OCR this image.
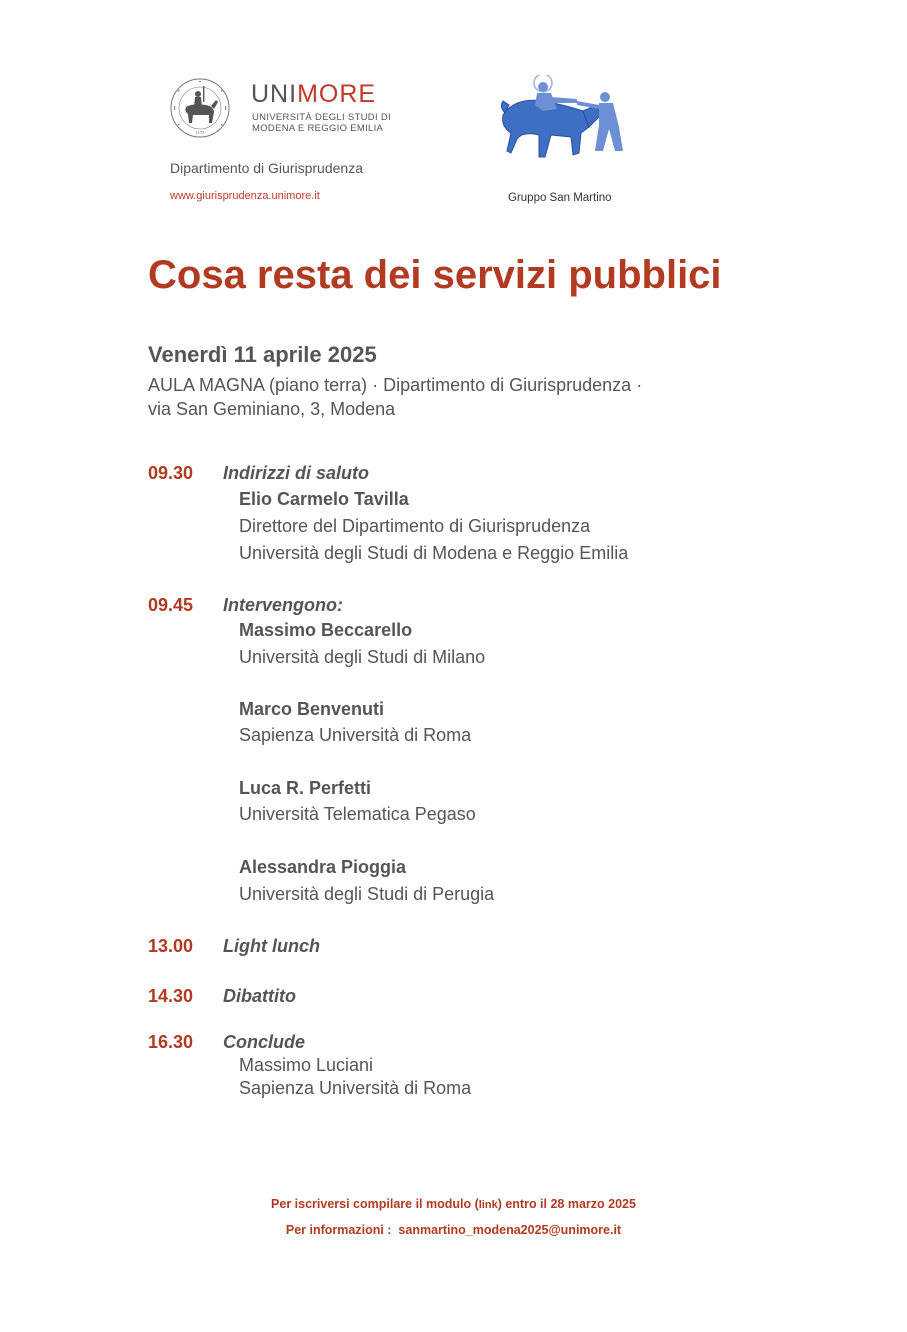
1175
UNIMORE
UNIVERSITÀ DEGLI STUDI DI
MODENA E REGGIO EMILIA
Dipartimento di Giurisprudenza
www.giurisprudenza.unimore.it	Gruppo San Martino
Cosa resta dei servizi pubblici
Venerdì 11 aprile 2025
AULA MAGNA (piano terra) · Dipartimento di Giurisprudenza ·
via San Geminiano, 3, Modena
09.30 Indirizzi di saluto
Elio Carmelo Tavilla
Direttore del Dipartimento di Giurisprudenza
Università degli Studi di Modena e Reggio Emilia
09.45 Intervengono:
Massimo Beccarello
Università degli Studi di Milano
Marco Benvenuti
Sapienza Università di Roma
Luca R. Perfetti
Università Telematica Pegaso
Alessandra Pioggia
Università degli Studi di Perugia
13.00 Light lunch
14.30 Dibattito
16.30 Conclude
Massimo Luciani
Sapienza Università di Roma
Per iscriversi compilare il modulo (link) entro il 28 marzo 2025
Per informazioni : sanmartino_modena2025@unimore.it
